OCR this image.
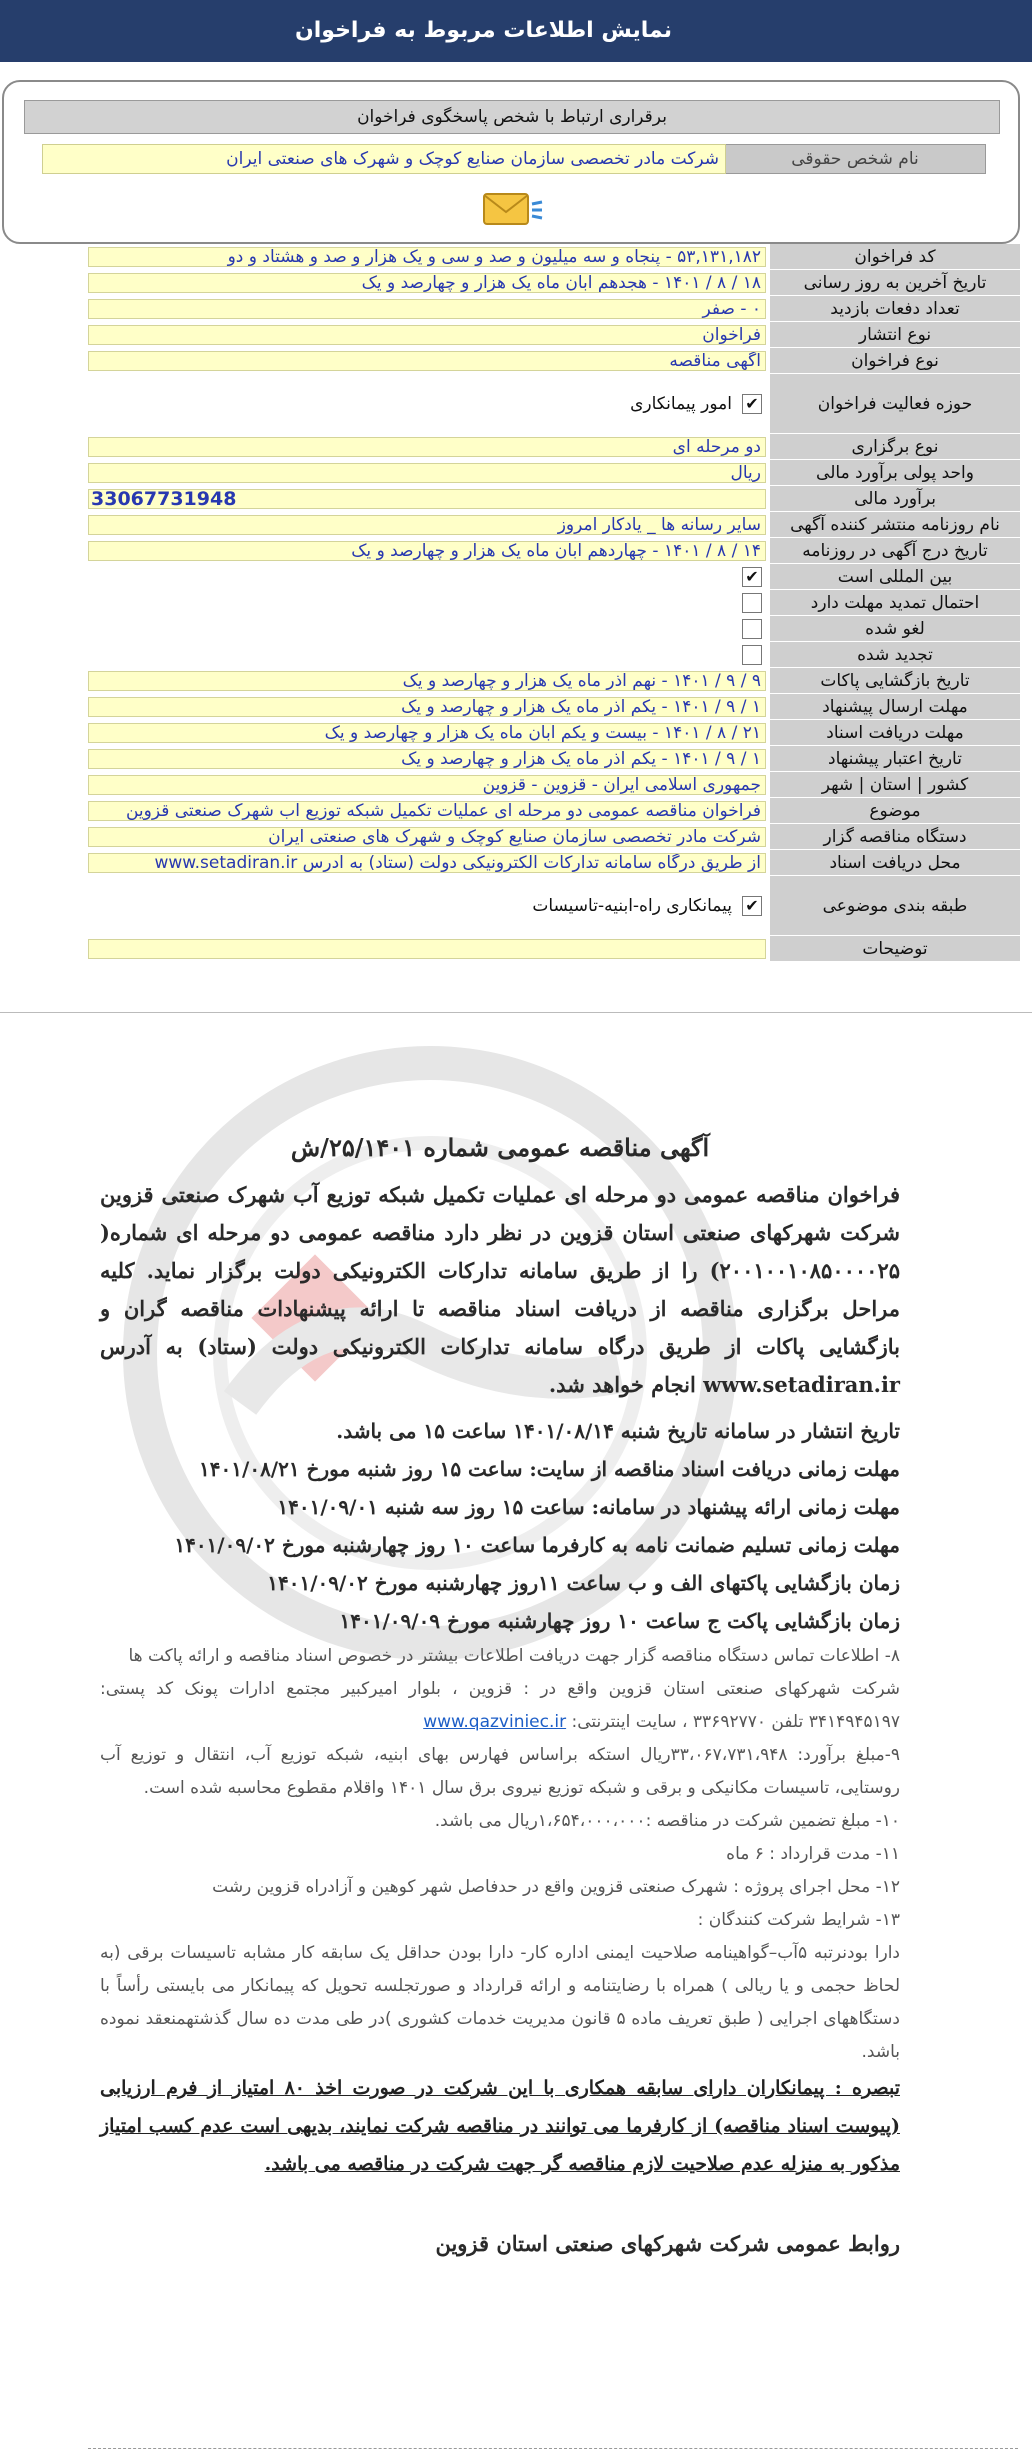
نمایش اطلاعات مربوط به فراخوان
برقراری ارتباط با شخص پاسخگوی فراخوان
نام شخص حقوقی
شرکت مادر تخصصی سازمان صنایع کوچک و شهرک های صنعتی ایران
کد فراخوان
۵۳,۱۳۱,۱۸۲ - پنجاه و سه میلیون و صد و سی و یک هزار و صد و هشتاد و دو
تاریخ آخرین به روز رسانی
۱۸ / ۸ / ۱۴۰۱ - هجدهم آبان ماه یک هزار و چهارصد و یک
تعداد دفعات بازدید
۰ - صفر
نوع انتشار
فراخوان
نوع فراخوان
آگهی مناقصه
حوزه فعالیت فراخوان
✔
امور پیمانکاری
نوع برگزاری
دو مرحله ای
واحد پولی برآورد مالی
ریال
برآورد مالی
33067731948
نام روزنامه منتشر کننده آگهی
سایر رسانه ها _ یادکار امروز
تاریخ درج آگهی در روزنامه
۱۴ / ۸ / ۱۴۰۱ - چهاردهم آبان ماه یک هزار و چهارصد و یک
بین المللی است
✔
احتمال تمدید مهلت دارد
لغو شده
تجدید شده
تاریخ بازگشایی پاکات
۹ / ۹ / ۱۴۰۱ - نهم آذر ماه یک هزار و چهارصد و یک
مهلت ارسال پیشنهاد
۱ / ۹ / ۱۴۰۱ - یکم آذر ماه یک هزار و چهارصد و یک
مهلت دریافت اسناد
۲۱ / ۸ / ۱۴۰۱ - بیست و یکم آبان ماه یک هزار و چهارصد و یک
تاریخ اعتبار پیشنهاد
۱ / ۹ / ۱۴۰۱ - یکم آذر ماه یک هزار و چهارصد و یک
کشور | استان | شهر
جمهوری اسلامی ایران - قزوین - قزوین
موضوع
فراخوان مناقصه عمومی دو مرحله ای عملیات تکمیل شبکه توزیع آب شهرک صنعتی قزوین
دستگاه مناقصه گزار
شرکت مادر تخصصی سازمان صنایع کوچک و شهرک های صنعتی ایران
محل دریافت اسناد
از طریق درگاه سامانه تدارکات الکترونیکی دولت (ستاد) به آدرس www.setadiran.ir
طبقه بندی موضوعی
✔
پیمانکاری راه-ابنیه-تاسیسات
توضیحات
آگهی مناقصه عمومی شماره ۲۵/۱۴۰۱/ش
فراخوان مناقصه عمومی دو مرحله ای عملیات تکمیل شبکه توزیع آب شهرک صنعتی قزوین شرکت شهرکهای صنعتی استان قزوین در نظر دارد مناقصه عمومی دو مرحله ای شماره( ۲۰۰۱۰۰۱۰۸۵۰۰۰۰۲۵) را از طریق سامانه تدارکات الکترونیکی دولت برگزار نماید. کلیه مراحل برگزاری مناقصه از دریافت اسناد مناقصه تا ارائه پیشنهادات مناقصه گران و بازگشایی پاکات از طریق درگاه سامانه تدارکات الکترونیکی دولت (ستاد) به آدرس www.setadiran.ir انجام خواهد شد.
تاریخ انتشار در سامانه تاریخ شنبه ۱۴۰۱/۰۸/۱۴ ساعت ۱۵ می باشد.
مهلت زمانی دریافت اسناد مناقصه از سایت: ساعت ۱۵ روز شنبه مورخ ۱۴۰۱/۰۸/۲۱
مهلت زمانی ارائه پیشنهاد در سامانه: ساعت ۱۵ روز سه شنبه ۱۴۰۱/۰۹/۰۱
مهلت زمانی تسلیم ضمانت نامه به کارفرما ساعت ۱۰ روز چهارشنبه مورخ ۱۴۰۱/۰۹/۰۲
زمان بازگشایی پاکتهای الف و ب ساعت ۱۱روز چهارشنبه مورخ ۱۴۰۱/۰۹/۰۲
زمان بازگشایی پاکت ج ساعت ۱۰ روز چهارشنبه مورخ ۱۴۰۱/۰۹/۰۹
۸- اطلاعات تماس دستگاه مناقصه گزار جهت دریافت اطلاعات بیشتر در خصوص اسناد مناقصه و ارائه پاکت ها
شرکت شهرکهای صنعتی استان قزوین واقع در : قزوین ، بلوار امیرکبیر مجتمع ادارات پونک کد پستی: ۳۴۱۴۹۴۵۱۹۷ تلفن ۳۳۶۹۲۷۷۰ ، سایت اینترنتی: www.qazviniec.ir
۹-مبلغ برآورد: ۳۳،۰۶۷،۷۳۱،۹۴۸ریال استکه براساس فهارس بهای ابنیه، شبکه توزیع آب، انتقال و توزیع آب روستایی، تاسیسات مکانیکی و برقی و شبکه توزیع نیروی برق سال ۱۴۰۱ واقلام مقطوع محاسبه شده است.
۱۰- مبلغ تضمین شرکت در مناقصه :۱،۶۵۴،۰۰۰،۰۰۰ریال می باشد.
۱۱- مدت قرارداد : ۶ ماه
۱۲- محل اجرای پروژه : شهرک صنعتی قزوین واقع در حدفاصل شهر کوهین و آزادراه قزوین رشت
۱۳- شرایط شرکت کنندگان :
دارا بودنرتبه ۵آب–گواهینامه صلاحیت ایمنی اداره کار- دارا بودن حداقل یک سابقه کار مشابه تاسیسات برقی (به لحاظ حجمی و یا ریالی ) همراه با رضایتنامه و ارائه قرارداد و صورتجلسه تحویل که پیمانکار می بایستی رأساً با دستگاههای اجرایی ( طبق تعریف ماده ۵ قانون مدیریت خدمات کشوری )در طی مدت ده سال گذشتهمنعقد نموده باشد.
تبصره : پیمانکاران دارای سابقه همکاری با این شرکت در صورت اخذ ۸۰ امتیاز از فرم ارزیابی (پیوست اسناد مناقصه) از کارفرما می توانند در مناقصه شرکت نمایند، بدیهی است عدم کسب امتیاز مذکور به منزله عدم صلاحیت لازم مناقصه گر جهت شرکت در مناقصه می باشد.
روابط عمومی شرکت شهرکهای صنعتی استان قزوین
